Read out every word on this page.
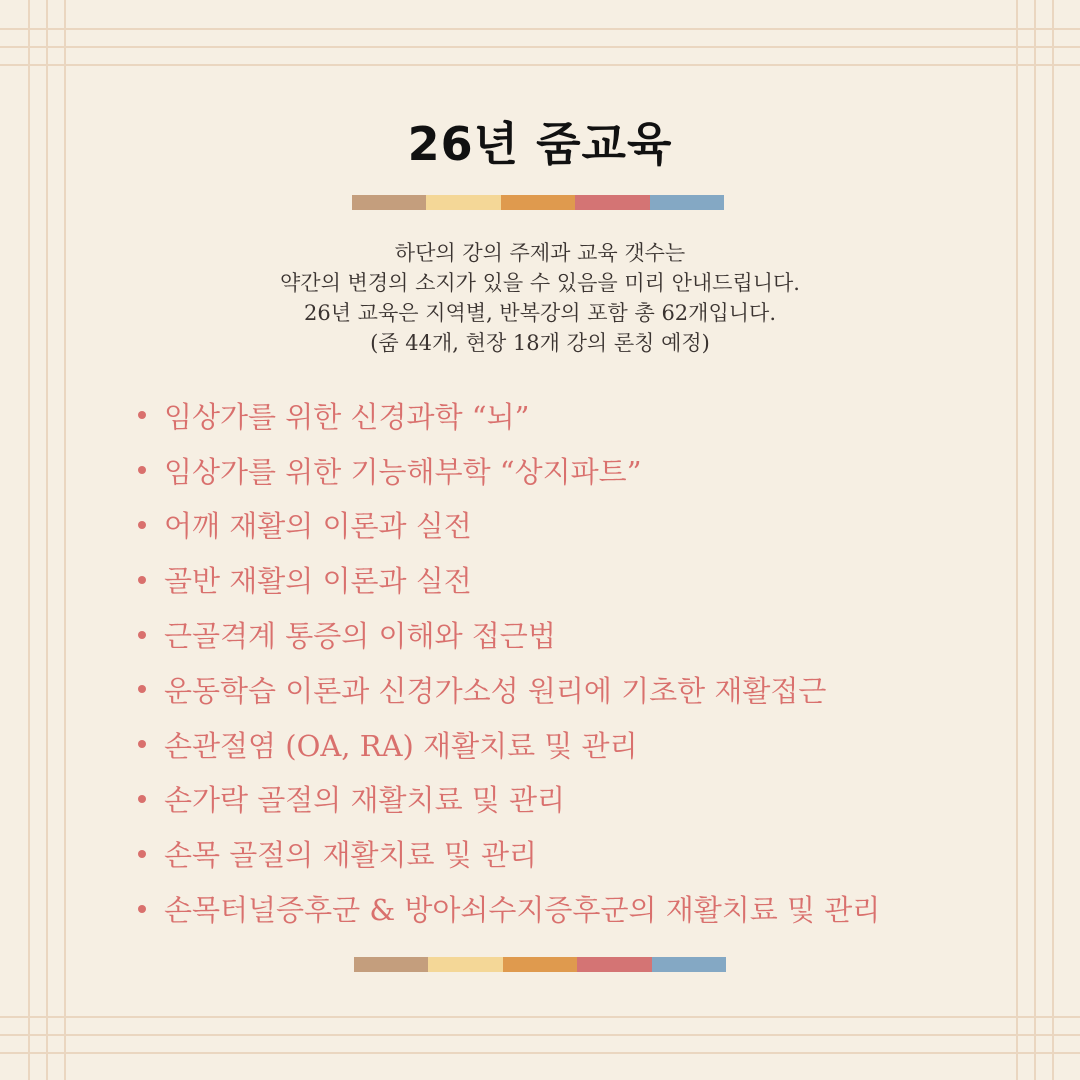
26년 줌교육
하단의 강의 주제과 교육 갯수는
약간의 변경의 소지가 있을 수 있음을 미리 안내드립니다.
26년 교육은 지역별, 반복강의 포함 총 62개입니다.
(줌 44개, 현장 18개 강의 론칭 예정)
임상가를 위한 신경과학 “뇌”
임상가를 위한 기능해부학 “상지파트”
어깨 재활의 이론과 실전
골반 재활의 이론과 실전
근골격계 통증의 이해와 접근법
운동학습 이론과 신경가소성 원리에 기초한 재활접근
손관절염 (OA, RA) 재활치료 및 관리
손가락 골절의 재활치료 및 관리
손목 골절의 재활치료 및 관리
손목터널증후군 & 방아쇠수지증후군의 재활치료 및 관리
